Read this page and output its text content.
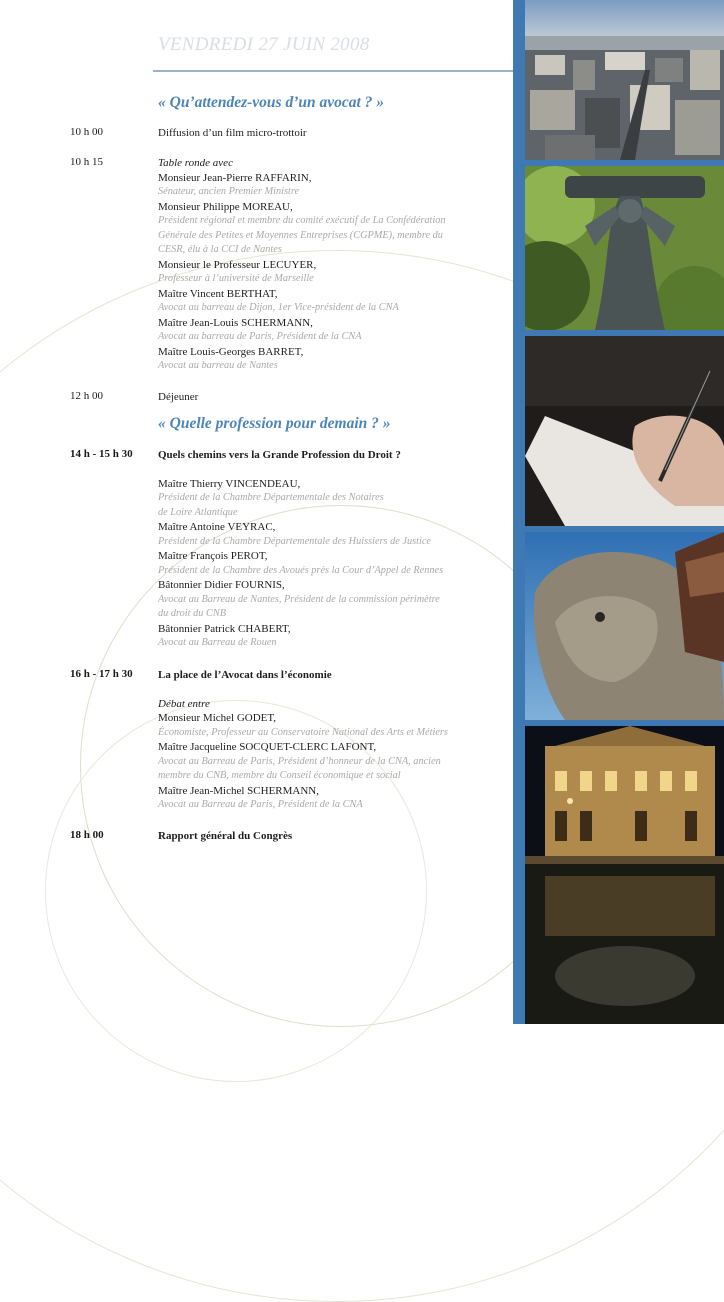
VENDREDI 27 JUIN 2008
« Qu’attendez-vous d’un avocat ? »
« Quelle profession pour demain ? »
10 h 00	Diffusion d’un film micro-trottoir
10 h 15	Table ronde avec
Monsieur Jean-Pierre RAFFARIN,
Sénateur, ancien Premier Ministre
Monsieur Philippe MOREAU,
Président régional et membre du comité exécutif de La Confédération
Générale des Petites et Moyennes Entreprises (CGPME), membre du
CESR, élu à la CCI de Nantes
Monsieur le Professeur LECUYER,
Professeur à l’université de Marseille
Maître Vincent BERTHAT,
Avocat au barreau de Dijon, 1er Vice-président de la CNA
Maître Jean-Louis SCHERMANN,
Avocat au barreau de Paris, Président de la CNA
Maître Louis-Georges BARRET,
Avocat au barreau de Nantes
12 h 00	Déjeuner
14 h - 15 h 30 Quels chemins vers la Grande Profession du Droit ?
Maître Thierry VINCENDEAU,
Président de la Chambre Départementale des Notaires
de Loire Atlantique
Maître Antoine VEYRAC,
Président de la Chambre Départementale des Huissiers de Justice
Maître François PEROT,
Président de la Chambre des Avoués près la Cour d’Appel de Rennes
Bâtonnier Didier FOURNIS,
Avocat au Barreau de Nantes, Président de la commission périmètre
du droit du CNB
Bâtonnier Patrick CHABERT,
Avocat au Barreau de Rouen
16 h - 17 h 30 La place de l’Avocat dans l’économie
Débat entre
Monsieur Michel GODET,
Économiste, Professeur au Conservatoire National des Arts et Métiers
Maître Jacqueline SOCQUET-CLERC LAFONT,
Avocat au Barreau de Paris, Président d’honneur de la CNA, ancien
membre du CNB, membre du Conseil économique et social
Maître Jean-Michel SCHERMANN,
Avocat au Barreau de Paris, Président de la CNA
18 h 00	Rapport général du Congrès
